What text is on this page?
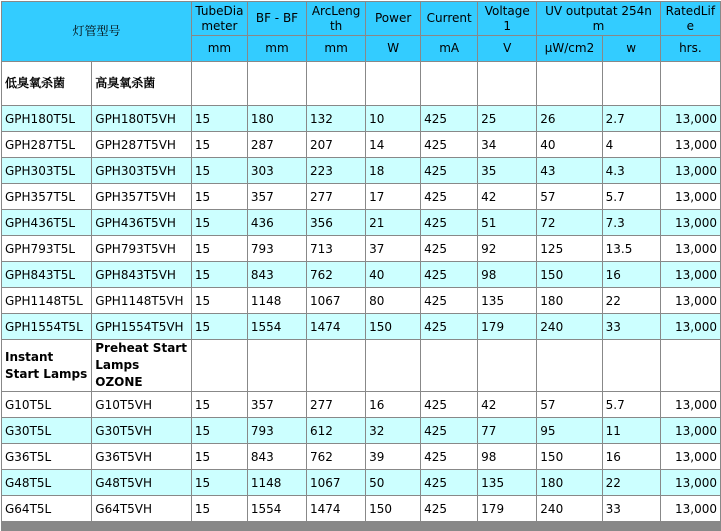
灯管型号		TubeDiameter	BF - BF	ArcLength	Power	Current	Voltage 1	UV outputat 254nm		RatedLife
		mm	mm	mm	W	mA	V	μW/cm2	w	hrs.
低臭氧杀菌	高臭氧杀菌									
GPH180T5L	GPH180T5VH	15	180	132	10	425	25	26	2.7	13,000
GPH287T5L	GPH287T5VH	15	287	207	14	425	34	40	4	13,000
GPH303T5L	GPH303T5VH	15	303	223	18	425	35	43	4.3	13,000
GPH357T5L	GPH357T5VH	15	357	277	17	425	42	57	5.7	13,000
GPH436T5L	GPH436T5VH	15	436	356	21	425	51	72	7.3	13,000
GPH793T5L	GPH793T5VH	15	793	713	37	425	92	125	13.5	13,000
GPH843T5L	GPH843T5VH	15	843	762	40	425	98	150	16	13,000
GPH1148T5L	GPH1148T5VH	15	1148	1067	80	425	135	180	22	13,000
GPH1554T5L	GPH1554T5VH	15	1554	1474	150	425	179	240	33	13,000
Instant Start Lamps	Preheat Start Lamps OZONE									
G10T5L	G10T5VH	15	357	277	16	425	42	57	5.7	13,000
G30T5L	G30T5VH	15	793	612	32	425	77	95	11	13,000
G36T5L	G36T5VH	15	843	762	39	425	98	150	16	13,000
G48T5L	G48T5VH	15	1148	1067	50	425	135	180	22	13,000
G64T5L	G64T5VH	15	1554	1474	150	425	179	240	33	13,000
